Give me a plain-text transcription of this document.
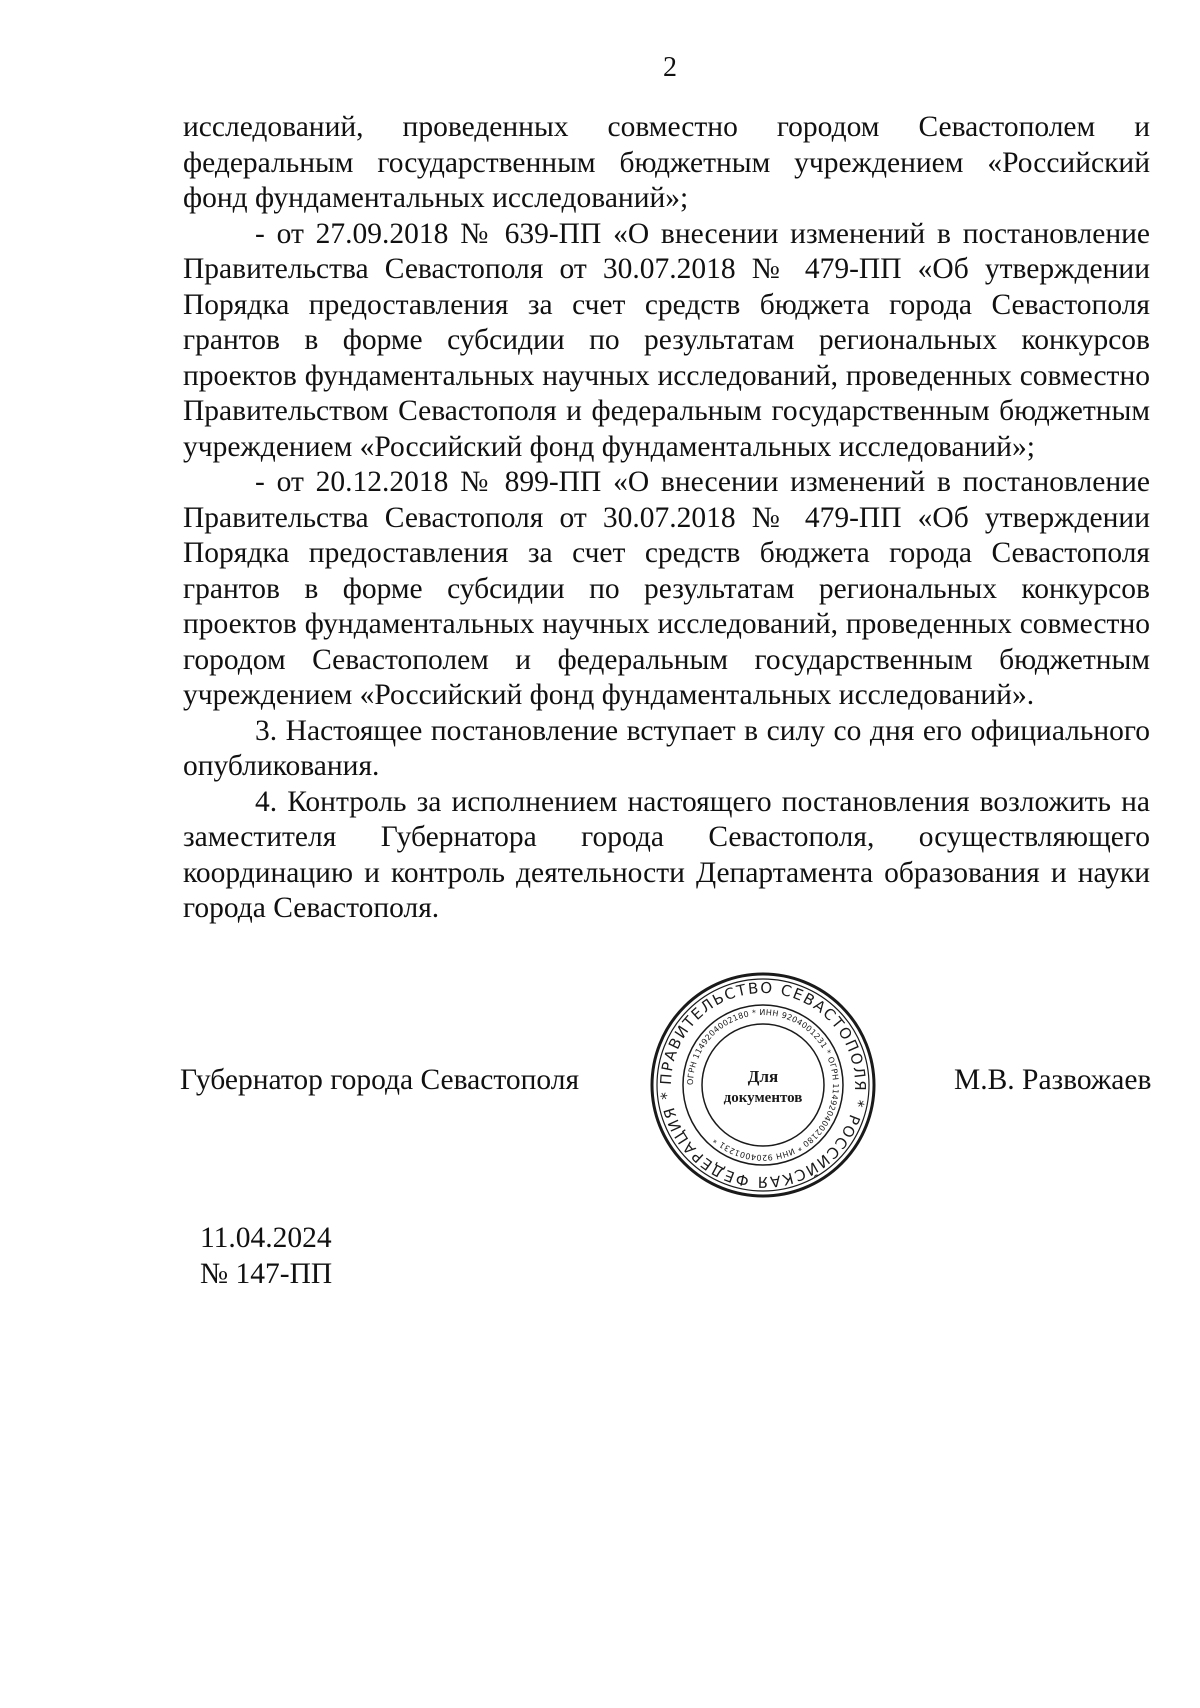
2

исследований, проведенных совместно городом Севастополем и федеральным государственным бюджетным учреждением «Российский фонд фундаментальных исследований»;

- от 27.09.2018 № 639-ПП «О внесении изменений в постановление Правительства Севастополя от 30.07.2018 № 479-ПП «Об утверждении Порядка предоставления за счет средств бюджета города Севастополя грантов в форме субсидии по результатам региональных конкурсов проектов фундаментальных научных исследований, проведенных совместно Правительством Севастополя и федеральным государственным бюджетным учреждением «Российский фонд фундаментальных исследований»;

- от 20.12.2018 № 899-ПП «О внесении изменений в постановление Правительства Севастополя от 30.07.2018 № 479-ПП «Об утверждении Порядка предоставления за счет средств бюджета города Севастополя грантов в форме субсидии по результатам региональных конкурсов проектов фундаментальных научных исследований, проведенных совместно городом Севастополем и федеральным государственным бюджетным учреждением «Российский фонд фундаментальных исследований».

3. Настоящее постановление вступает в силу со дня его официального опубликования.

4. Контроль за исполнением настоящего постановления возложить на заместителя Губернатора города Севастополя, осуществляющего координацию и контроль деятельности Департамента образования и науки города Севастополя.

Губернатор города Севастополя	ПРАВИТЕЛЬСТВО СЕВАСТОПОЛЯ * РОССИЙСКАЯ ФЕДЕРАЦИЯ *
ОГРН 1149204002180 * ИНН 9204001231 * ОГРН 1149204002180 * ИНН 9204001231 *
Для
документов
М.В. Развожаев
11.04.2024
№ 147-ПП
